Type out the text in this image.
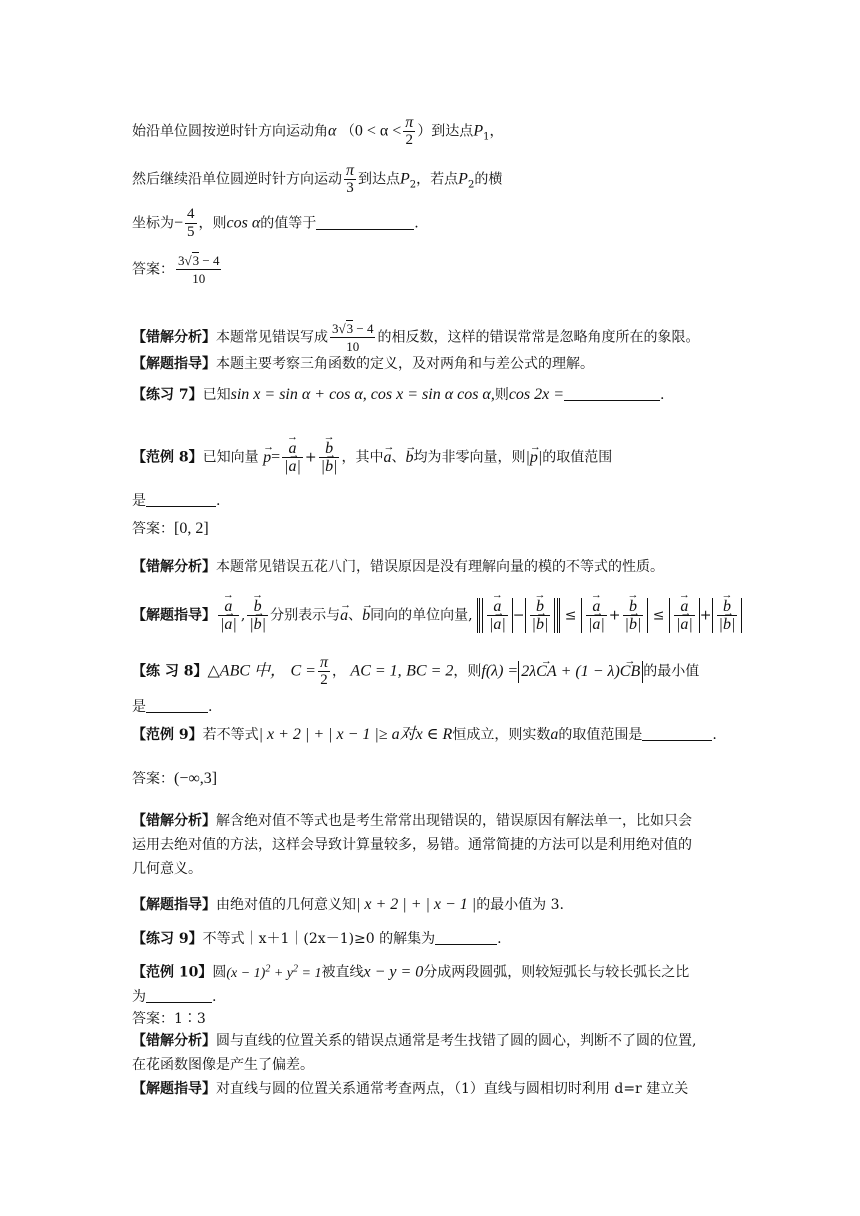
始沿单位圆按逆时针方向运动角α （$0 < \alpha < \frac{\pi}{2}$ ）到达点$P_1$，
然后继续沿单位圆逆时针方向运动 $\frac{\pi}{3}$ 到达点$P_2$，若点$P_2$的横
坐标为− $\frac{4}{5}$ ，则cos α的值等于	.
答案： $\frac{3√3 - 4}{10}$
【错解分析】本题常见错误写成 $\frac{3√3 - 4}{10}$ 的相反数，这样的错误常常是忽略角度所在的象限。
【解题指导】本题主要考察三角函数的定义，及对两角和与差公式的理解。
【练习 7】已知sin x = sin α + cos α, cos x = sin α cos α,则cos 2x =	.
【范例 8】已知向量 → p=
→ $\frac{a}{|\to a|}$ +
→ $\frac{b}{|\to b|}$ ，其中→ a、→ b均为非零向量，则|→ p|的取值范围
是	.
答案：[0, 2]
【错解分析】本题常见错误五花八门，错误原因是没有理解向量的模的不等式的性质。
【解题指导】
→ $\frac{a}{|\to a|}$ ,
→ $\frac{b}{|\to b|}$ 分别表示与→ a、→ b同向的单位向量,
→ $\frac{a}{|\to a|}$ −
→ $\frac{b}{|\to b|}$ ≤
→ $\frac{a}{|\to a|}$ +
→ $\frac{b}{|\to b|}$ ≤
→ $\frac{a}{|\to a|}$ +
→ $\frac{b}{|\to b|}$
【练 习 8】△ABC 中， $C = \frac{\pi}{2}$ ， AC = 1, BC = 2，则f(λ) = 2λ→ CA + (1 − λ)→ CB 的最小值
是	.
【范例 9】若不等式| x + 2 | + | x − 1 |≥ a对x ∈ R恒成立，则实数a的取值范围是	.
答案：(−∞,3]
【错解分析】解含绝对值不等式也是考生常常出现错误的，错误原因有解法单一，比如只会
运用去绝对值的方法，这样会导致计算量较多，易错。通常简捷的方法可以是利用绝对值的
几何意义。
【解题指导】由绝对值的几何意义知| x + 2 | + | x − 1 |的最小值为 3.
【练习 9】不等式｜x＋1｜(2x－1)≥0 的解集为	.
【范例 10】圆$(x - 1)^2 + y^2 = 1$被直线x − y = 0分成两段圆弧，则较短弧长与较长弧长之比
为	.
答案：1∶3
【错解分析】圆与直线的位置关系的错误点通常是考生找错了圆的圆心，判断不了圆的位置,
在花函数图像是产生了偏差。
【解题指导】对直线与圆的位置关系通常考查两点，（1）直线与圆相切时利用 d=r 建立关
